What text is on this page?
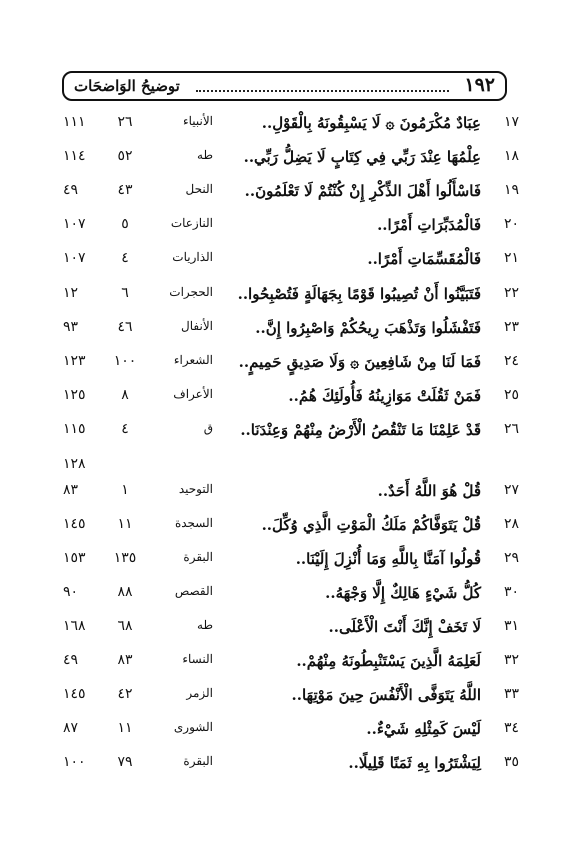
١٩٢
توضيحُ الوَاضحَات
١٧
عِبَادٌ مُكْرَمُونَ ۞ لَا يَسْبِقُونَهُ بِالْقَوْلِ..
الأنبياء
٢٦
١١١
١٨
عِلْمُهَا عِنْدَ رَبِّي فِي كِتَابٍ لَا يَضِلُّ رَبِّي..
طه
٥٢
١١٤
١٩
فَاسْأَلُوا أَهْلَ الذِّكْرِ إِنْ كُنْتُمْ لَا تَعْلَمُونَ..
النحل
٤٣
٤٩
٢٠
فَالْمُدَبِّرَاتِ أَمْرًا..
النازعات
٥
١٠٧
٢١
فَالْمُقَسِّمَاتِ أَمْرًا..
الذاريات
٤
١٠٧
٢٢
فَتَبَيَّنُوا أَنْ تُصِيبُوا قَوْمًا بِجَهَالَةٍ فَتُصْبِحُوا..
الحجرات
٦
١٢
٢٣
فَتَفْشَلُوا وَتَذْهَبَ رِيحُكُمْ وَاصْبِرُوا إِنَّ..
الأنفال
٤٦
٩٣
٢٤
فَمَا لَنَا مِنْ شَافِعِينَ ۞ وَلَا صَدِيقٍ حَمِيمٍ..
الشعراء
١٠٠
١٢٣
٢٥
فَمَنْ ثَقُلَتْ مَوَازِينُهُ فَأُولَئِكَ هُمُ..
الأعراف
٨
١٢٥
٢٦
قَدْ عَلِمْنَا مَا تَنْقُصُ الْأَرْضُ مِنْهُمْ وَعِنْدَنَا..
ق
٤
١١٥
١٢٨
٢٧
قُلْ هُوَ اللَّهُ أَحَدٌ..
التوحيد
١
٨٣
٢٨
قُلْ يَتَوَفَّاكُمْ مَلَكُ الْمَوْتِ الَّذِي وُكِّلَ..
السجدة
١١
١٤٥
٢٩
قُولُوا آمَنَّا بِاللَّهِ وَمَا أُنْزِلَ إِلَيْنَا..
البقرة
١٣٥
١٥٣
٣٠
كُلُّ شَيْءٍ هَالِكٌ إِلَّا وَجْهَهُ..
القصص
٨٨
٩٠
٣١
لَا تَخَفْ إِنَّكَ أَنْتَ الْأَعْلَى..
طه
٦٨
١٦٨
٣٢
لَعَلِمَهُ الَّذِينَ يَسْتَنْبِطُونَهُ مِنْهُمْ..
النساء
٨٣
٤٩
٣٣
اللَّهُ يَتَوَفَّى الْأَنْفُسَ حِينَ مَوْتِهَا..
الزمر
٤٢
١٤٥
٣٤
لَيْسَ كَمِثْلِهِ شَيْءٌ..
الشورى
١١
٨٧
٣٥
لِيَشْتَرُوا بِهِ ثَمَنًا قَلِيلًا..
البقرة
٧٩
١٠٠
